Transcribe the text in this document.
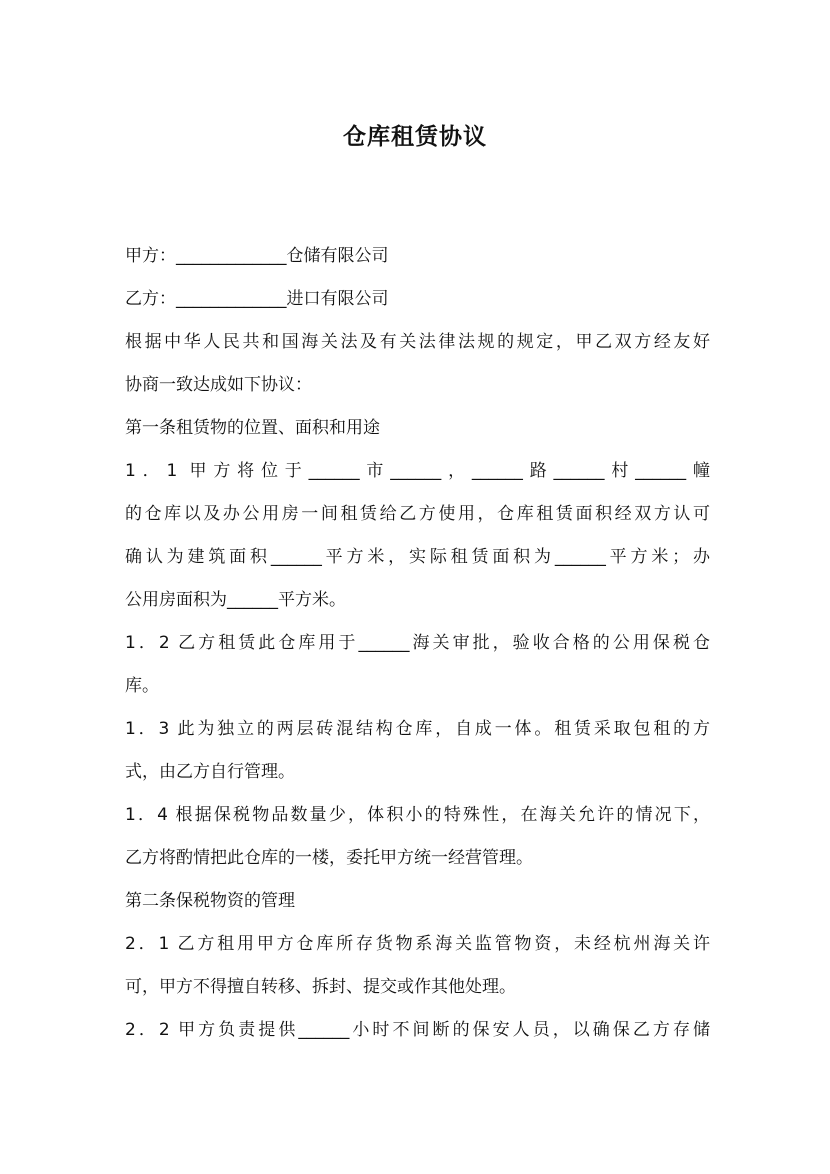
仓库租赁协议
甲方：_____________仓储有限公司
乙方：_____________进口有限公司
根据中华人民共和国海关法及有关法律法规的规定，甲乙双方经友好
协商一致达成如下协议：
第一条租赁物的位置、面积和用途
1．1 甲方将位于______市______，______路______村______幢
的仓库以及办公用房一间租赁给乙方使用，仓库租赁面积经双方认可
确认为建筑面积______平方米，实际租赁面积为______平方米；办
公用房面积为______平方米。
1．2 乙方租赁此仓库用于______海关审批，验收合格的公用保税仓
库。
1．3 此为独立的两层砖混结构仓库，自成一体。租赁采取包租的方
式，由乙方自行管理。
1．4 根据保税物品数量少，体积小的特殊性，在海关允许的情况下，
乙方将酌情把此仓库的一楼，委托甲方统一经营管理。
第二条保税物资的管理
2．1 乙方租用甲方仓库所存货物系海关监管物资，未经杭州海关许
可，甲方不得擅自转移、拆封、提交或作其他处理。
2．2 甲方负责提供______小时不间断的保安人员，以确保乙方存储
